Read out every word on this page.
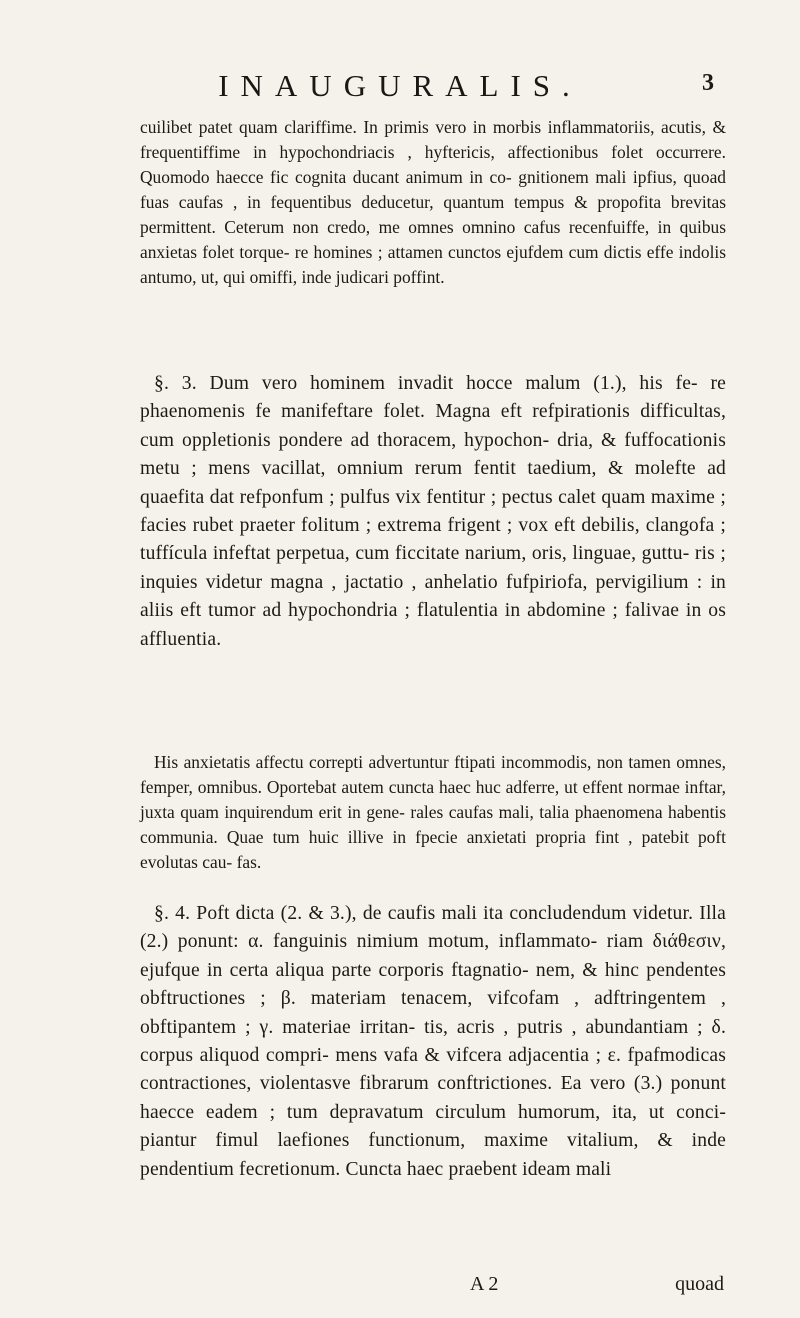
INAUGURALIS.	3

cuilibet patet quam clariffime. In primis vero in morbis inflammatoriis, acutis, & frequentiffime in hypochondriacis , hyftericis, affectionibus folet occurrere. Quomodo haecce fic cognita ducant animum in co- gnitionem mali ipfius, quoad fuas caufas , in fequentibus deducetur, quantum tempus & propofita brevitas permittent. Ceterum non credo, me omnes omnino cafus recenfuiffe, in quibus anxietas folet torque- re homines ; attamen cunctos ejufdem cum dictis effe indolis antumo, ut, qui omiffi, inde judicari poffint.

§. 3. Dum vero hominem invadit hocce malum (1.), his fe- re phaenomenis fe manifeftare folet. Magna eft refpirationis difficultas, cum oppletionis pondere ad thoracem, hypochon- dria, & fuffocationis metu ; mens vacillat, omnium rerum fentit taedium, & molefte ad quaefita dat refponfum ; pulfus vix fentitur ; pectus calet quam maxime ; facies rubet praeter folitum ; extrema frigent ; vox eft debilis, clangofa ; tuffícula infeftat perpetua, cum ficcitate narium, oris, linguae, guttu- ris ; inquies videtur magna , jactatio , anhelatio fufpiriofa, pervigilium : in aliis eft tumor ad hypochondria ; flatulentia in abdomine ; falivae in os affluentia.

His anxietatis affectu correpti advertuntur ftipati incommodis, non tamen omnes, femper, omnibus. Oportebat autem cuncta haec huc adferre, ut effent normae inftar, juxta quam inquirendum erit in gene- rales caufas mali, talia phaenomena habentis communia. Quae tum huic illive in fpecie anxietati propria fint , patebit poft evolutas cau- fas.

§. 4. Poft dicta (2. & 3.), de caufis mali ita concludendum videtur. Illa (2.) ponunt: α. fanguinis nimium motum, inflammato- riam διάθεσιν, ejufque in certa aliqua parte corporis ftagnatio- nem, & hinc pendentes obftructiones ; β. materiam tenacem, vifcofam , adftringentem , obftipantem ; γ. materiae irritan- tis, acris , putris , abundantiam ; δ. corpus aliquod compri- mens vafa & vifcera adjacentia ; ε. fpafmodicas contractiones, violentasve fibrarum conftrictiones. Ea vero (3.) ponunt haecce eadem ; tum depravatum circulum humorum, ita, ut conci- piantur fimul laefiones functionum, maxime vitalium, & inde pendentium fecretionum. Cuncta haec praebent ideam mali

A 2	quoad
